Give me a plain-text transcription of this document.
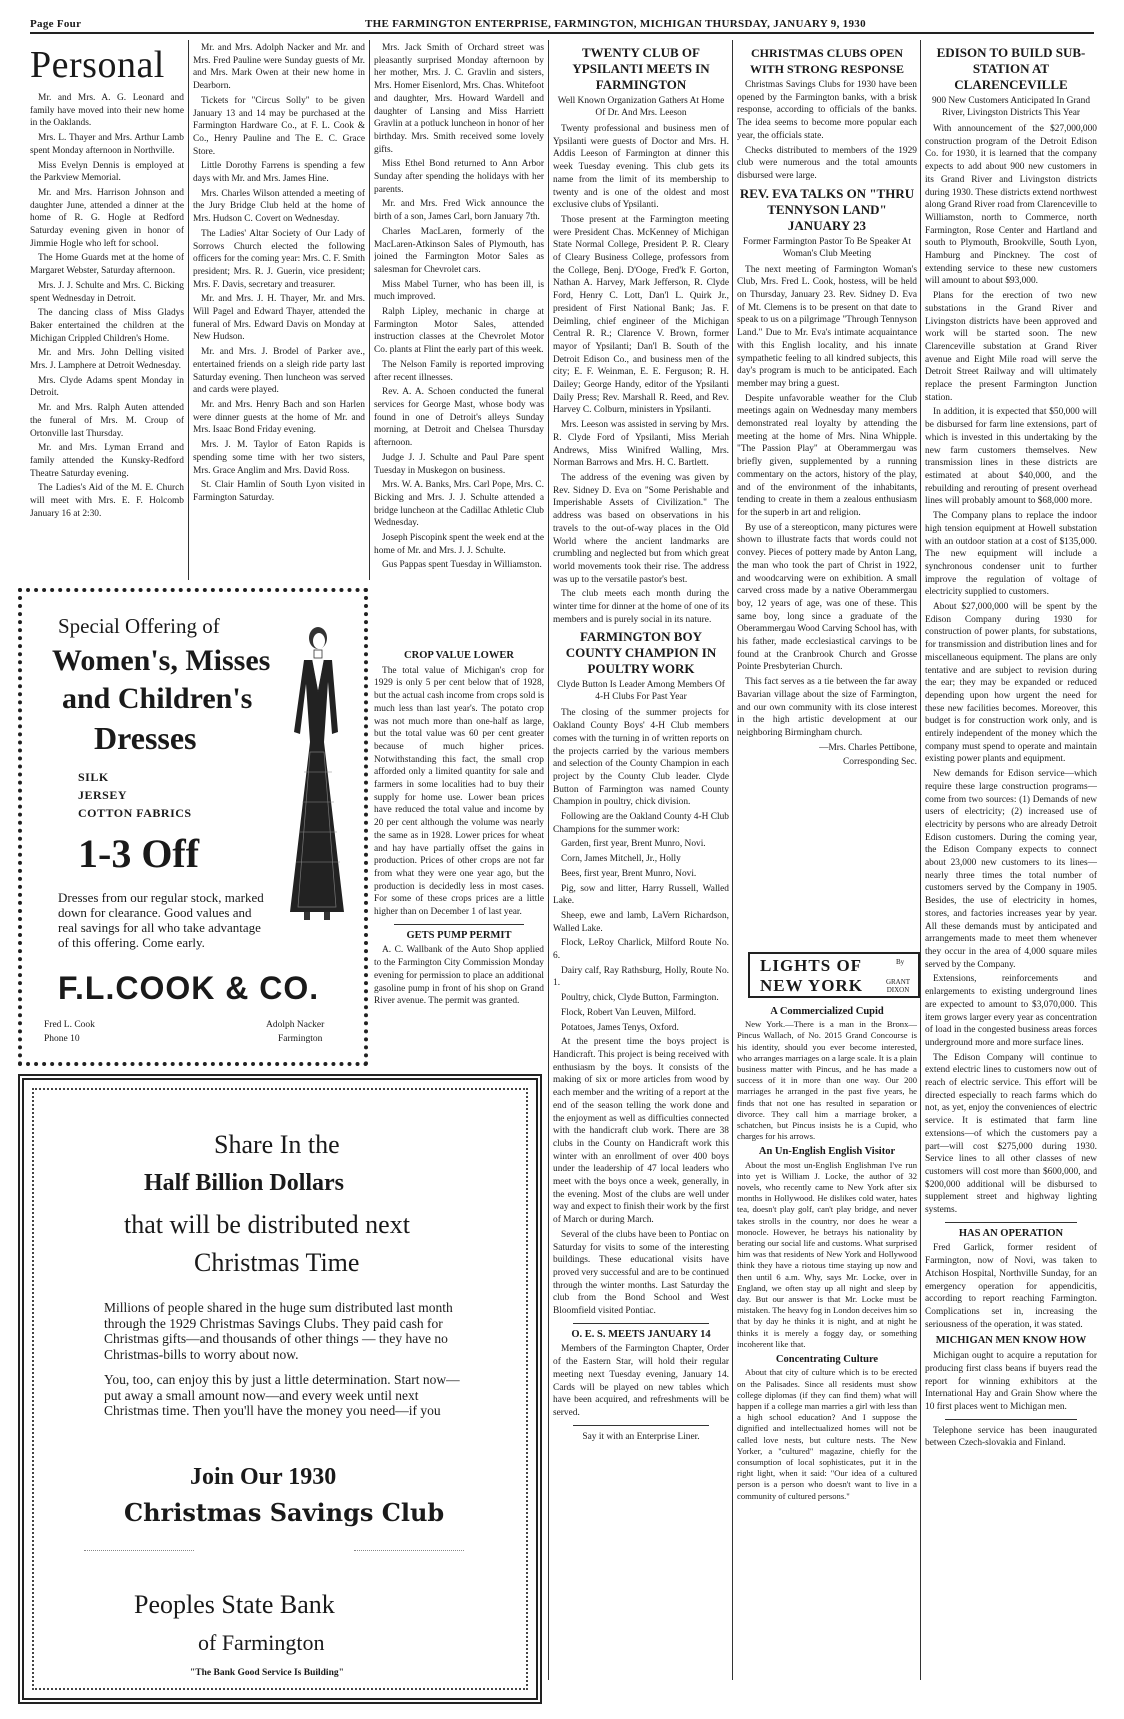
Page Four	THE FARMINGTON ENTERPRISE, FARMINGTON, MICHIGAN THURSDAY, JANUARY 9, 1930
Personal

Mr. and Mrs. A. G. Leonard and family have moved into their new home in the Oaklands.

Mrs. L. Thayer and Mrs. Arthur Lamb spent Monday afternoon in Northville.

Miss Evelyn Dennis is employed at the Parkview Memorial.

Mr. and Mrs. Harrison Johnson and daughter June, attended a dinner at the home of R. G. Hogle at Redford Saturday evening given in honor of Jimmie Hogle who left for school.

The Home Guards met at the home of Margaret Webster, Saturday afternoon.

Mrs. J. J. Schulte and Mrs. C. Bicking spent Wednesday in Detroit.

The dancing class of Miss Gladys Baker entertained the children at the Michigan Crippled Children's Home.

Mr. and Mrs. John Delling visited Mrs. J. Lamphere at Detroit Wednesday.

Mrs. Clyde Adams spent Monday in Detroit.

Mr. and Mrs. Ralph Auten attended the funeral of Mrs. M. Croup of Ortonville last Thursday.

Mr. and Mrs. Lyman Errand and family attended the Kunsky-Redford Theatre Saturday evening.

The Ladies's Aid of the M. E. Church will meet with Mrs. E. F. Holcomb January 16 at 2:30.

Mr. and Mrs. Adolph Nacker and Mr. and Mrs. Fred Pauline were Sunday guests of Mr. and Mrs. Mark Owen at their new home in Dearborn.

Tickets for "Circus Solly" to be given January 13 and 14 may be purchased at the Farmington Hardware Co., at F. L. Cook & Co., Henry Pauline and The E. C. Grace Store.

Little Dorothy Farrens is spending a few days with Mr. and Mrs. James Hine.

Mrs. Charles Wilson attended a meeting of the Jury Bridge Club held at the home of Mrs. Hudson C. Covert on Wednesday.

The Ladies' Altar Society of Our Lady of Sorrows Church elected the following officers for the coming year: Mrs. C. F. Smith president; Mrs. R. J. Guerin, vice president; Mrs. F. Davis, secretary and treasurer.

Mr. and Mrs. J. H. Thayer, Mr. and Mrs. Will Pagel and Edward Thayer, attended the funeral of Mrs. Edward Davis on Monday at New Hudson.

Mr. and Mrs. J. Brodel of Parker ave., entertained friends on a sleigh ride party last Saturday evening. Then luncheon was served and cards were played.

Mr. and Mrs. Henry Bach and son Harlen were dinner guests at the home of Mr. and Mrs. Isaac Bond Friday evening.

Mrs. J. M. Taylor of Eaton Rapids is spending some time with her two sisters, Mrs. Grace Anglim and Mrs. David Ross.

St. Clair Hamlin of South Lyon visited in Farmington Saturday.

Mrs. Jack Smith of Orchard street was pleasantly surprised Monday afternoon by her mother, Mrs. J. C. Gravlin and sisters, Mrs. Homer Eisenlord, Mrs. Chas. Whitefoot and daughter, Mrs. Howard Wardell and daughter of Lansing and Miss Harriett Gravlin at a potluck luncheon in honor of her birthday. Mrs. Smith received some lovely gifts.

Miss Ethel Bond returned to Ann Arbor Sunday after spending the holidays with her parents.

Mr. and Mrs. Fred Wick announce the birth of a son, James Carl, born January 7th.

Charles MacLaren, formerly of the MacLaren-Atkinson Sales of Plymouth, has joined the Farmington Motor Sales as salesman for Chevrolet cars.

Miss Mabel Turner, who has been ill, is much improved.

Ralph Lipley, mechanic in charge at Farmington Motor Sales, attended instruction classes at the Chevrolet Motor Co. plants at Flint the early part of this week.

The Nelson Family is reported improving after recent illnesses.

Rev. A. A. Schoen conducted the funeral services for George Mast, whose body was found in one of Detroit's alleys Sunday morning, at Detroit and Chelsea Thursday afternoon.

Judge J. J. Schulte and Paul Pare spent Tuesday in Muskegon on business.

Mrs. W. A. Banks, Mrs. Carl Pope, Mrs. C. Bicking and Mrs. J. J. Schulte attended a bridge luncheon at the Cadillac Athletic Club Wednesday.

Joseph Piscopink spent the week end at the home of Mr. and Mrs. J. J. Schulte.

Gus Pappas spent Tuesday in Williamston.

CROP VALUE LOWER

The total value of Michigan's crop for 1929 is only 5 per cent below that of 1928, but the actual cash income from crops sold is much less than last year's. The potato crop was not much more than one-half as large, but the total value was 60 per cent greater because of much higher prices. Notwithstanding this fact, the small crop afforded only a limited quantity for sale and farmers in some localities had to buy their supply for home use. Lower bean prices have reduced the total value and income by 20 per cent although the volume was nearly the same as in 1928. Lower prices for wheat and hay have partially offset the gains in production. Prices of other crops are not far from what they were one year ago, but the production is decidedly less in most cases. For some of these crops prices are a little higher than on December 1 of last year.

GETS PUMP PERMIT

A. C. Wallbank of the Auto Shop applied to the Farmington City Commission Monday evening for permission to place an additional gasoline pump in front of his shop on Grand River avenue. The permit was granted.

TWENTY CLUB OF YPSILANTI MEETS IN FARMINGTON
Well Known Organization Gathers At Home Of Dr. And Mrs. Leeson

Twenty professional and business men of Ypsilanti were guests of Doctor and Mrs. H. Addis Leeson of Farmington at dinner this week Tuesday evening. This club gets its name from the limit of its membership to twenty and is one of the oldest and most exclusive clubs of Ypsilanti.

Those present at the Farmington meeting were President Chas. McKenney of Michigan State Normal College, President P. R. Cleary of Cleary Business College, professors from the College, Benj. D'Ooge, Fred'k F. Gorton, Nathan A. Harvey, Mark Jefferson, R. Clyde Ford, Henry C. Lott, Dan'l L. Quirk Jr., president of First National Bank; Jas. F. Deimling, chief engineer of the Michigan Central R. R.; Clarence V. Brown, former mayor of Ypsilanti; Dan'l B. South of the Detroit Edison Co., and business men of the city; E. F. Weinman, E. E. Ferguson; R. H. Dailey; George Handy, editor of the Ypsilanti Daily Press; Rev. Marshall R. Reed, and Rev. Harvey C. Colburn, ministers in Ypsilanti.

Mrs. Leeson was assisted in serving by Mrs. R. Clyde Ford of Ypsilanti, Miss Meriah Andrews, Miss Winifred Walling, Mrs. Norman Barrows and Mrs. H. C. Bartlett.

The address of the evening was given by Rev. Sidney D. Eva on "Some Perishable and Imperishable Assets of Civilization." The address was based on observations in his travels to the out-of-way places in the Old World where the ancient landmarks are crumbling and neglected but from which great world movements took their rise. The address was up to the versatile pastor's best.

The club meets each month during the winter time for dinner at the home of one of its members and is purely social in its nature.

FARMINGTON BOY COUNTY CHAMPION IN POULTRY WORK
Clyde Button Is Leader Among Members Of 4-H Clubs For Past Year

The closing of the summer projects for Oakland County Boys' 4-H Club members comes with the turning in of written reports on the projects carried by the various members and selection of the County Champion in each project by the County Club leader. Clyde Button of Farmington was named County Champion in poultry, chick division.

Following are the Oakland County 4-H Club Champions for the summer work:

Garden, first year, Brent Munro, Novi.

Corn, James Mitchell, Jr., Holly

Bees, first year, Brent Munro, Novi.

Pig, sow and litter, Harry Russell, Walled Lake.

Sheep, ewe and lamb, LaVern Richardson, Walled Lake.

Flock, LeRoy Charlick, Milford Route No. 6.

Dairy calf, Ray Rathsburg, Holly, Route No. 1.

Poultry, chick, Clyde Button, Farmington.

Flock, Robert Van Leuven, Milford.

Potatoes, James Tenys, Oxford.

At the present time the boys project is Handicraft. This project is being received with enthusiasm by the boys. It consists of the making of six or more articles from wood by each member and the writing of a report at the end of the season telling the work done and the enjoyment as well as difficulties connected with the handicraft club work. There are 38 clubs in the County on Handicraft work this winter with an enrollment of over 400 boys under the leadership of 47 local leaders who meet with the boys once a week, generally, in the evening. Most of the clubs are well under way and expect to finish their work by the first of March or during March.

Several of the clubs have been to Pontiac on Saturday for visits to some of the interesting buildings. These educational visits have proved very successful and are to be continued through the winter months. Last Saturday the club from the Bond School and West Bloomfield visited Pontiac.

O. E. S. MEETS JANUARY 14

Members of the Farmington Chapter, Order of the Eastern Star, will hold their regular meeting next Tuesday evening, January 14. Cards will be played on new tables which have been acquired, and refreshments will be served.

Say it with an Enterprise Liner.

CHRISTMAS CLUBS OPEN WITH STRONG RESPONSE

Christmas Savings Clubs for 1930 have been opened by the Farmington banks, with a brisk response, according to officials of the banks. The idea seems to become more popular each year, the officials state.

Checks distributed to members of the 1929 club were numerous and the total amounts disbursed were large.

REV. EVA TALKS ON "THRU TENNYSON LAND" JANUARY 23
Former Farmington Pastor To Be Speaker At Woman's Club Meeting

The next meeting of Farmington Woman's Club, Mrs. Fred L. Cook, hostess, will be held on Thursday, January 23. Rev. Sidney D. Eva of Mt. Clemens is to be present on that date to speak to us on a pilgrimage "Through Tennyson Land." Due to Mr. Eva's intimate acquaintance with this English locality, and his innate sympathetic feeling to all kindred subjects, this day's program is much to be anticipated. Each member may bring a guest.

Despite unfavorable weather for the Club meetings again on Wednesday many members demonstrated real loyalty by attending the meeting at the home of Mrs. Nina Whipple. "The Passion Play" at Oberammergau was briefly given, supplemented by a running commentary on the actors, history of the play, and of the environment of the inhabitants, tending to create in them a zealous enthusiasm for the superb in art and religion.

By use of a stereopticon, many pictures were shown to illustrate facts that words could not convey. Pieces of pottery made by Anton Lang, the man who took the part of Christ in 1922, and woodcarving were on exhibition. A small carved cross made by a native Oberammergau boy, 12 years of age, was one of these. This same boy, long since a graduate of the Oberammergau Wood Carving School has, with his father, made ecclesiastical carvings to be found at the Cranbrook Church and Grosse Pointe Presbyterian Church.

This fact serves as a tie between the far away Bavarian village about the size of Farmington, and our own community with its close interest in the high artistic development at our neighboring Birmingham church.

—Mrs. Charles Pettibone,

Corresponding Sec.

LIGHTS OF
NEW YORK
By
GRANT DIXON
A Commercialized Cupid

New York.—There is a man in the Bronx—Pincus Wallach, of No. 2015 Grand Concourse is his identity, should you ever become interested, who arranges marriages on a large scale. It is a plain business matter with Pincus, and he has made a success of it in more than one way. Our 200 marriages he arranged in the past five years, he finds that not one has resulted in separation or divorce. They call him a marriage broker, a schatchen, but Pincus insists he is a Cupid, who charges for his arrows.

An Un-English English Visitor

About the most un-English Englishman I've run into yet is William J. Locke, the author of 32 novels, who recently came to New York after six months in Hollywood. He dislikes cold water, hates tea, doesn't play golf, can't play bridge, and never takes strolls in the country, nor does he wear a monocle. However, he betrays his nationality by berating our social life and customs. What surprised him was that residents of New York and Hollywood think they have a riotous time staying up now and then until 6 a.m. Why, says Mr. Locke, over in England, we often stay up all night and sleep by day. But our answer is that Mr. Locke must be mistaken. The heavy fog in London deceives him so that by day he thinks it is night, and at night he thinks it is merely a foggy day, or something incoherent like that.

Concentrating Culture

About that city of culture which is to be erected on the Palisades. Since all residents must show college diplomas (if they can find them) what will happen if a college man marries a girl with less than a high school education? And I suppose the dignified and intellectualized homes will not be called love nests, but culture nests. The New Yorker, a "cultured" magazine, chiefly for the consumption of local sophisticates, put it in the right light, when it said: "Our idea of a cultured person is a person who doesn't want to live in a community of cultured persons."

EDISON TO BUILD SUB-STATION AT CLARENCEVILLE
900 New Customers Anticipated In Grand River, Livingston Districts This Year

With announcement of the $27,000,000 construction program of the Detroit Edison Co. for 1930, it is learned that the company expects to add about 900 new customers in its Grand River and Livingston districts during 1930. These districts extend northwest along Grand River road from Clarenceville to Williamston, north to Commerce, north Farmington, Rose Center and Hartland and south to Plymouth, Brookville, South Lyon, Hamburg and Pinckney. The cost of extending service to these new customers will amount to about $93,000.

Plans for the erection of two new substations in the Grand River and Livingston districts have been approved and work will be started soon. The new Clarenceville substation at Grand River avenue and Eight Mile road will serve the Detroit Street Railway and will ultimately replace the present Farmington Junction station.

In addition, it is expected that $50,000 will be disbursed for farm line extensions, part of which is invested in this undertaking by the new farm customers themselves. New transmission lines in these districts are estimated at about $40,000, and the rebuilding and rerouting of present overhead lines will probably amount to $68,000 more.

The Company plans to replace the indoor high tension equipment at Howell substation with an outdoor station at a cost of $135,000. The new equipment will include a synchronous condenser unit to further improve the regulation of voltage of electricity supplied to customers.

About $27,000,000 will be spent by the Edison Company during 1930 for construction of power plants, for substations, for transmission and distribution lines and for miscellaneous equipment. The plans are only tentative and are subject to revision during the ear; they may be expanded or reduced depending upon how urgent the need for these new facilities becomes. Moreover, this budget is for construction work only, and is entirely independent of the money which the company must spend to operate and maintain existing power plants and equipment.

New demands for Edison service—which require these large construction programs—come from two sources: (1) Demands of new users of electricity; (2) increased use of electricity by persons who are already Detroit Edison customers. During the coming year, the Edison Company expects to connect about 23,000 new customers to its lines—nearly three times the total number of customers served by the Company in 1905. Besides, the use of electricity in homes, stores, and factories increases year by year. All these demands must by anticipated and arrangements made to meet them whenever they occur in the area of 4,000 square miles served by the Company.

Extensions, reinforcements and enlargements to existing underground lines are expected to amount to $3,070,000. This item grows larger every year as concentration of load in the congested business areas forces underground more and more surface lines.

The Edison Company will continue to extend electric lines to customers now out of reach of electric service. This effort will be directed especially to reach farms which do not, as yet, enjoy the conveniences of electric service. It is estimated that farm line extensions—of which the customers pay a part—will cost $275,000 during 1930. Service lines to all other classes of new customers will cost more than $600,000, and $200,000 additional will be disbursed to supplement street and highway lighting systems.

HAS AN OPERATION

Fred Garlick, former resident of Farmington, now of Novi, was taken to Atchison Hospital, Northville Sunday, for an emergency operation for appendicitis, according to report reaching Farmington. Complications set in, increasing the seriousness of the operation, it was stated.

MICHIGAN MEN KNOW HOW

Michigan ought to acquire a reputation for producing first class beans if buyers read the report for winning exhibitors at the International Hay and Grain Show where the 10 first places went to Michigan men.

Telephone service has been inaugurated between Czech-slovakia and Finland.

Special Offering of
Women's, Misses
and Children's
Dresses
SILK
JERSEY
COTTON FABRICS
1-3 Off
Dresses from our regular stock, marked down for clearance. Good values and real savings for all who take advantage of this offering. Come early.
F.L.COOK & CO.
Fred L. Cook
Phone 10
Adolph Nacker
Farmington
Share In the
Half Billion Dollars
that will be distributed next
Christmas Time
Millions of people shared in the huge sum distributed last month through the 1929 Christmas Savings Clubs. They paid cash for Christmas gifts—and thousands of other things — they have no Christmas-bills to worry about now.
You, too, can enjoy this by just a little determination. Start now—put away a small amount now—and every week until next Christmas time. Then you'll have the money you need—if you
Join Our 1930
Christmas Savings Club
Peoples State Bank
of Farmington
"The Bank Good Service Is Building"
